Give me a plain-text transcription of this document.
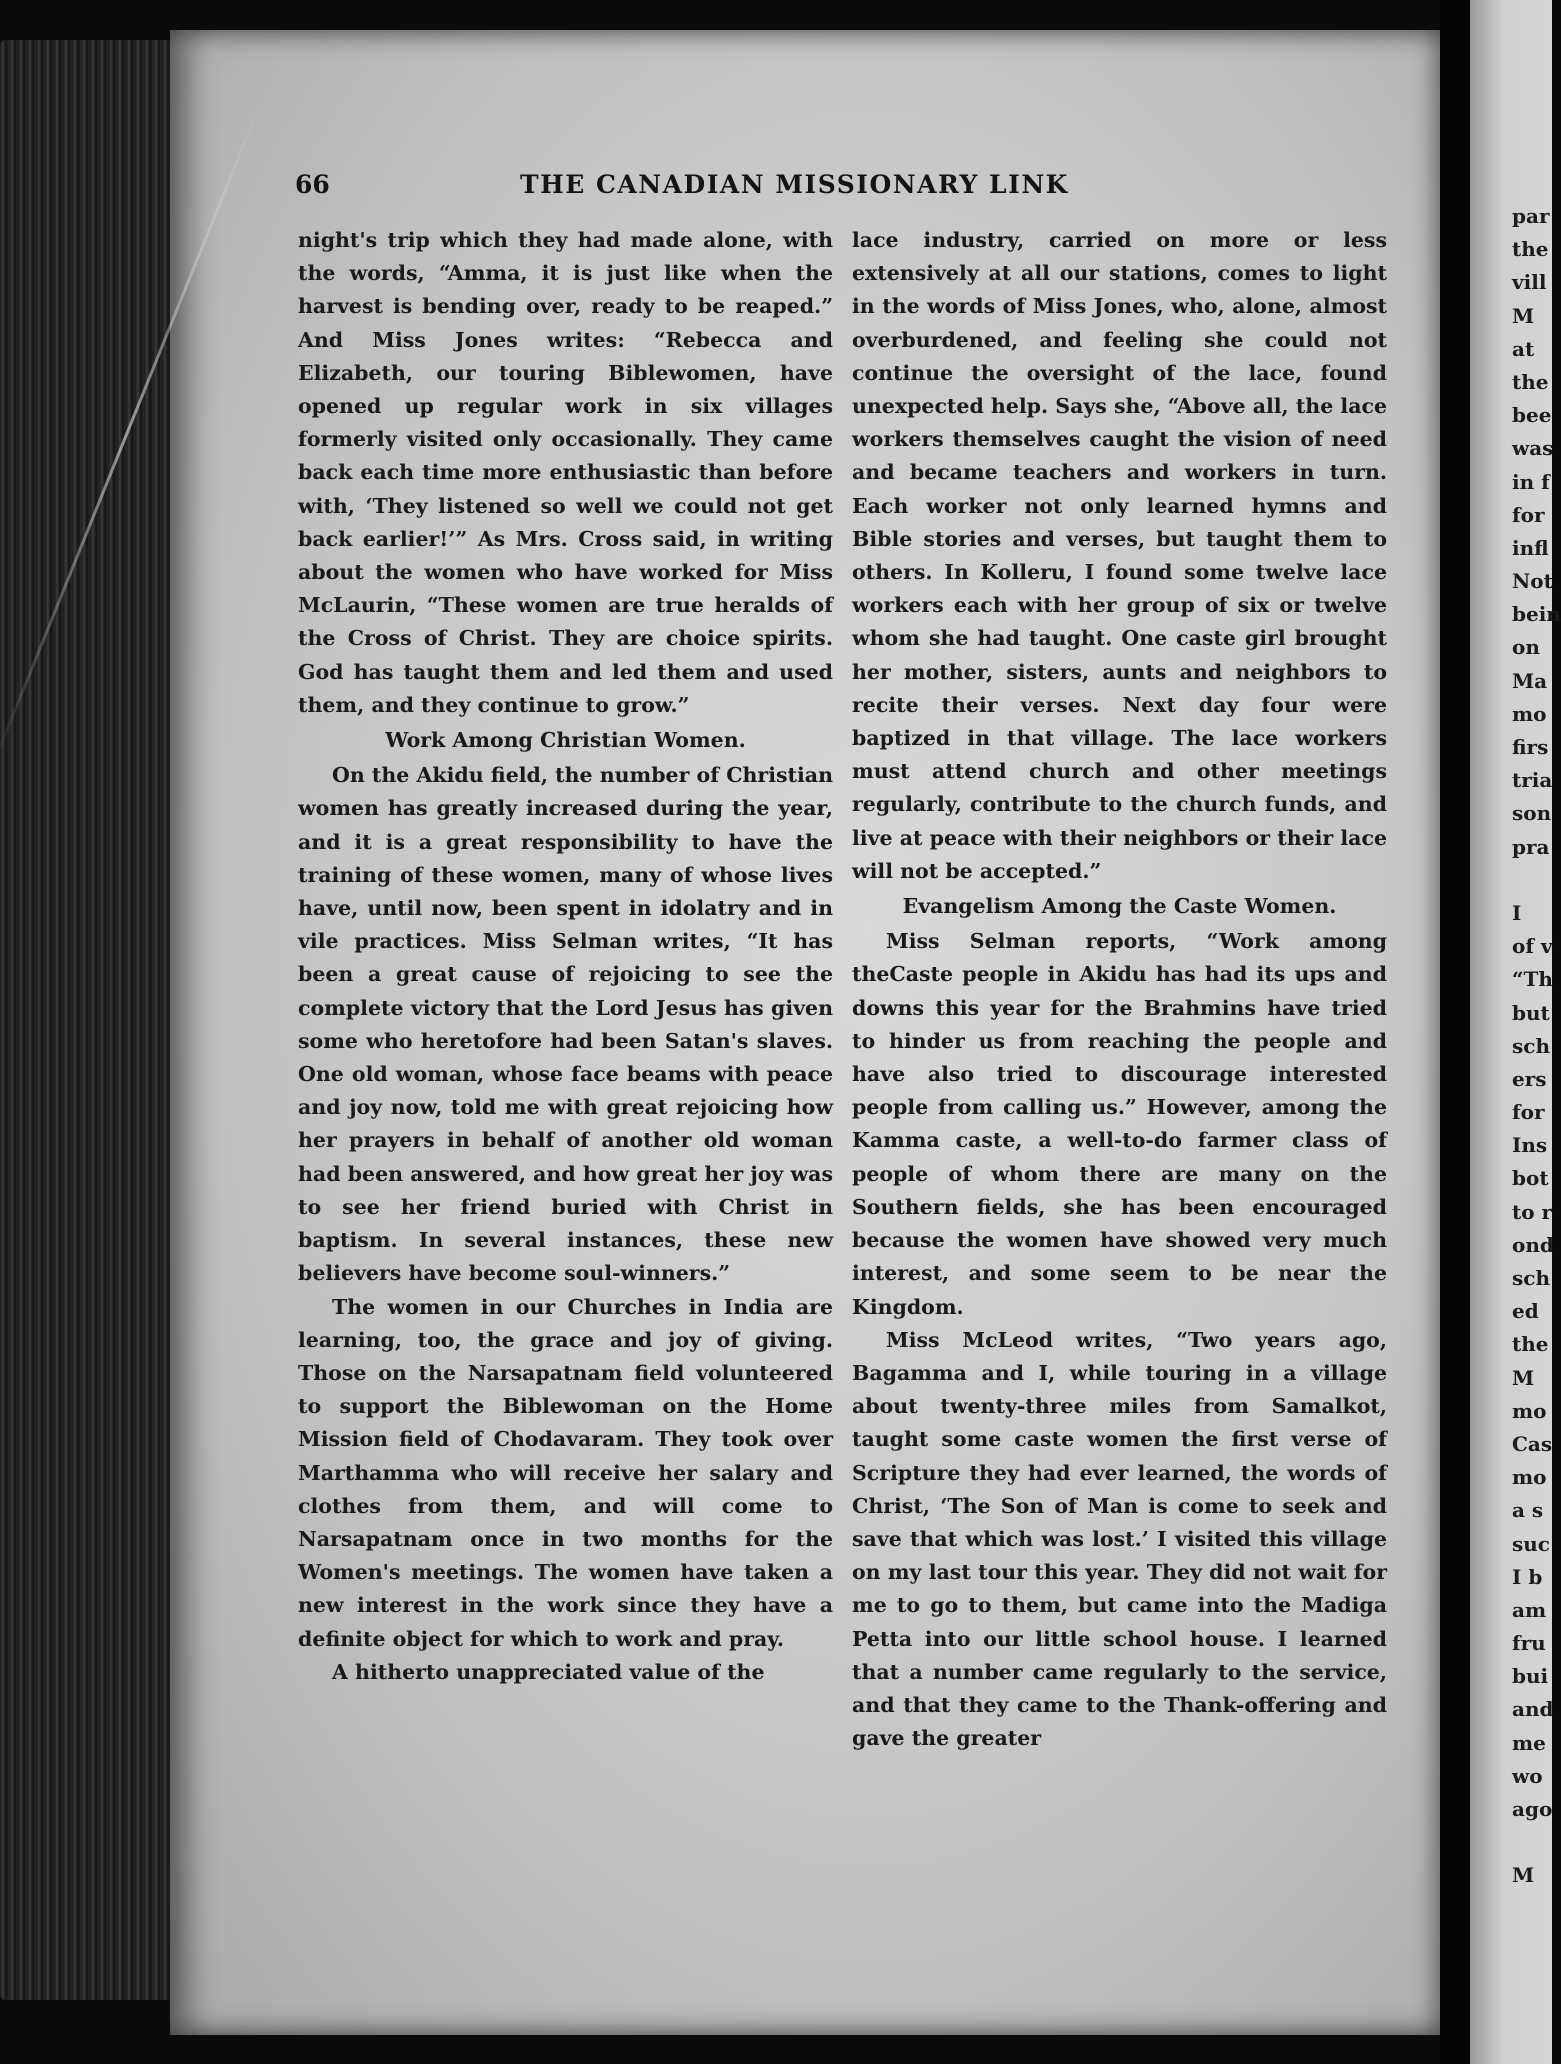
66	THE CANADIAN MISSIONARY LINK

night's trip which they had made alone, with the words, “Amma, it is just like when the harvest is bending over, ready to be reaped.” And Miss Jones writes: “Rebecca and Elizabeth, our touring Biblewomen, have opened up regular work in six villages formerly visited only occasionally. They came back each time more enthusiastic than before with, ‘They listened so well we could not get back earlier!’” As Mrs. Cross said, in writing about the women who have worked for Miss McLaurin, “These women are true heralds of the Cross of Christ. They are choice spirits. God has taught them and led them and used them, and they continue to grow.”

Work Among Christian Women.

On the Akidu field, the number of Christian women has greatly increased during the year, and it is a great responsibility to have the training of these women, many of whose lives have, until now, been spent in idolatry and in vile practices. Miss Selman writes, “It has been a great cause of rejoicing to see the complete victory that the Lord Jesus has given some who heretofore had been Satan's slaves. One old woman, whose face beams with peace and joy now, told me with great rejoicing how her prayers in behalf of another old woman had been answered, and how great her joy was to see her friend buried with Christ in baptism. In several instances, these new believers have become soul-winners.”

The women in our Churches in India are learning, too, the grace and joy of giving. Those on the Narsapatnam field volunteered to support the Biblewoman on the Home Mission field of Chodavaram. They took over Marthamma who will receive her salary and clothes from them, and will come to Narsapatnam once in two months for the Women's meetings. The women have taken a new interest in the work since they have a definite object for which to work and pray.

A hitherto unappreciated value of the

lace industry, carried on more or less extensively at all our stations, comes to light in the words of Miss Jones, who, alone, almost overburdened, and feeling she could not continue the oversight of the lace, found unexpected help. Says she, “Above all, the lace workers themselves caught the vision of need and became teachers and workers in turn. Each worker not only learned hymns and Bible stories and verses, but taught them to others. In Kolleru, I found some twelve lace workers each with her group of six or twelve whom she had taught. One caste girl brought her mother, sisters, aunts and neighbors to recite their verses. Next day four were baptized in that village. The lace workers must attend church and other meetings regularly, contribute to the church funds, and live at peace with their neighbors or their lace will not be accepted.”

Evangelism Among the Caste Women.

Miss Selman reports, “Work among theCaste people in Akidu has had its ups and downs this year for the Brahmins have tried to hinder us from reaching the people and have also tried to discourage interested people from calling us.” However, among the Kamma caste, a well-to-do farmer class of people of whom there are many on the Southern fields, she has been encouraged because the women have showed very much interest, and some seem to be near the Kingdom.

Miss McLeod writes, “Two years ago, Bagamma and I, while touring in a village about twenty-three miles from Samalkot, taught some caste women the first verse of Scripture they had ever learned, the words of Christ, ‘The Son of Man is come to seek and save that which was lost.’ I visited this village on my last tour this year. They did not wait for me to go to them, but came into the Madiga Petta into our little school house. I learned that a number came regularly to the service, and that they came to the Thank-offering and gave the greater

par
the
vill
M
at
the
bee
was
in f
for
infl
Not
bein
on
Ma
mo
firs
tria
son
pra
I
of v
“Th
but
sch
ers
for
Ins
bot
to r
ond
sch
ed
the
M
mo
Cas
mo
a s
suc
I b
am
fru
bui
and
me
wo
ago
M
